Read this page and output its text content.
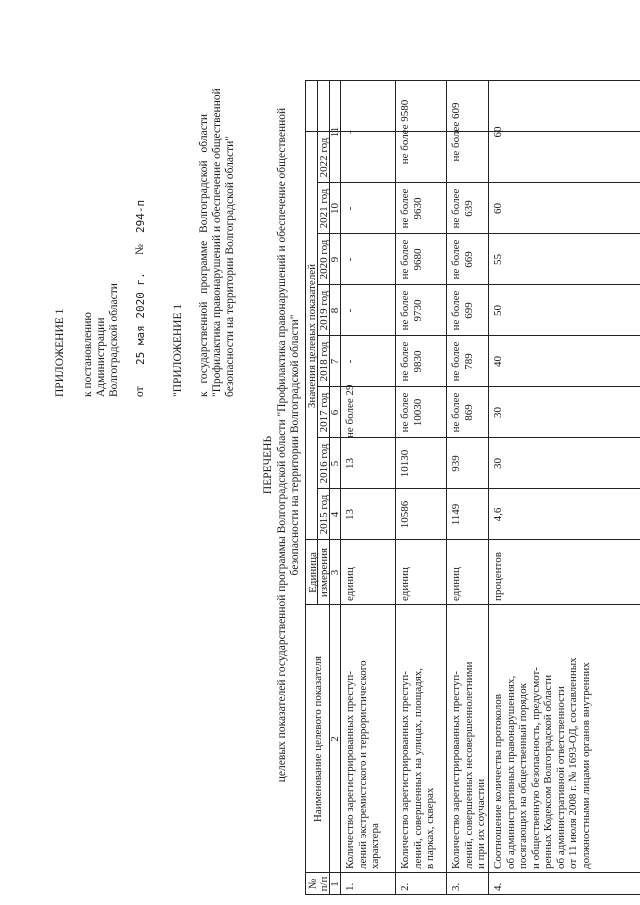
ПРИЛОЖЕНИЕ 1 к постановлению Администрации Волгоградской области от
25 мая 2020 г.
№
294-п
"ПРИЛОЖЕНИЕ 1 к государственной программе Волгоградской области "Профилактика правонарушений и обеспечение общественной безопасности на территории Волгоградской области"
ПЕРЕЧЕНЬ целевых показателей государственной программы Волгоградской области "Профилактика правонарушений и обеспечение общественной безопасности на территории Волгоградской области"
№ п/п
Наименование целевого показателя
Единица измерения
Значения целевых показателей
2015 год
2016 год
2017 год
2018 год
2019 год
2020 год
2021 год
2022 год
1
2
3
4
5
6
7
8
9
10
11
1.
Количество зарегистрированных преступ- лений экстремистского и террористического характера
единиц
13
13
не более 29
-
-
-
-
-
2.
Количество зарегистрированных преступ- лений, совершенных на улицах, площадях, в парках, скверах
единиц
10586
10130
не более 10030
не более 9830
не более 9730
не более 9680
не более 9630
не более 9580
3.
Количество зарегистрированных преступ- лений, совершенных несовершеннолетними и при их соучастии
единиц
1149
939
не более 869
не более 789
не более 699
не более 669
не более 639
не более 609
4.
Соотношение количества протоколов об административных правонарушениях, посягающих на общественный порядок и общественную безопасность, предусмот- ренных Кодексом Волгоградской области об административной ответственности от 11 июля 2008 г. № 1693-ОД, составленных должностными лицами органов внутренних
процентов
4,6
30
30
40
50
55
60
60
